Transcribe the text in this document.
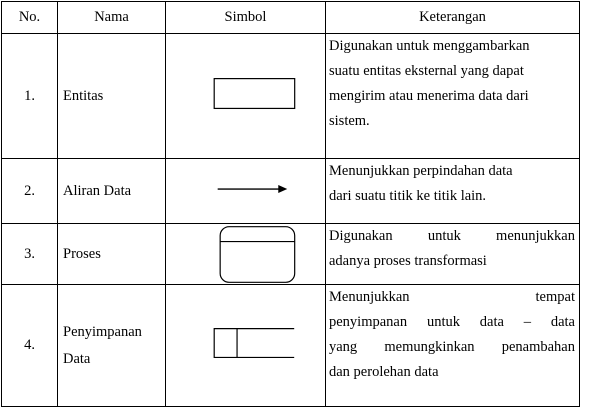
No.	Nama	Simbol	Keterangan
1.	Entitas		Digunakan untuk menggambarkan
suatu entitas eksternal yang dapat
mengirim atau menerima data dari
sistem.

2.	Aliran Data		Menunjukkan perpindahan data
dari suatu titik ke titik lain.

3.	Proses		Digunakan untuk menunjukkan
adanya proses transformasi

4.	Penyimpanan
Data		Menunjukkan tempat
penyimpanan untuk data – data
yang memungkinkan penambahan
dan perolehan data
